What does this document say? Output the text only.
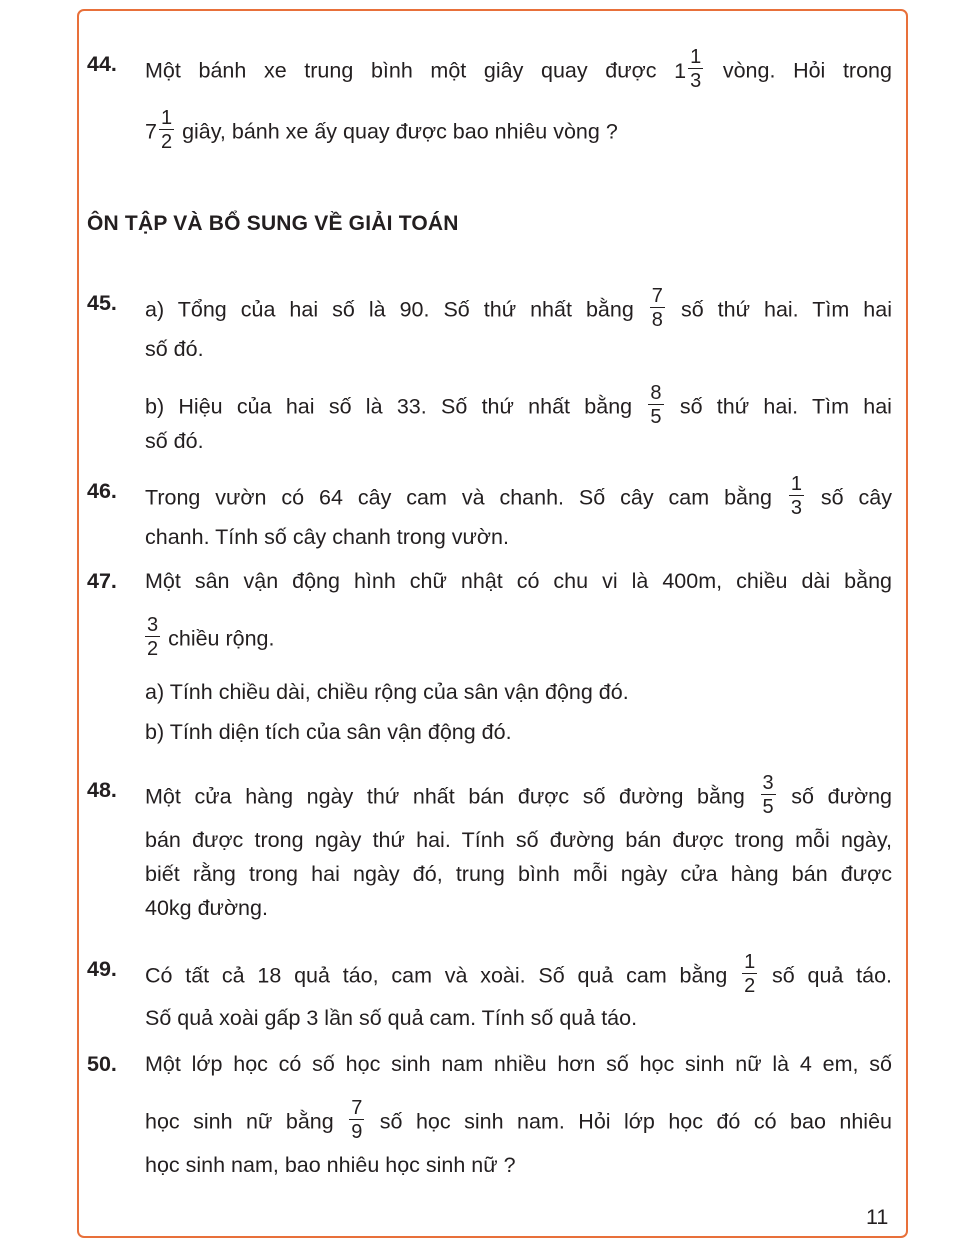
44. Một bánh xe trung bình một giây quay được $1 \frac{1}{3}$ vòng. Hỏi trong
$7 \frac{1}{2}$ giây, bánh xe ấy quay được bao nhiêu vòng ?
ÔN TẬP VÀ BỔ SUNG VỀ GIẢI TOÁN
45. a) Tổng của hai số là 90. Số thứ nhất bằng $\frac{7}{8}$ số thứ hai. Tìm hai
số đó.
b) Hiệu của hai số là 33. Số thứ nhất bằng $\frac{8}{5}$ số thứ hai. Tìm hai
số đó.
46. Trong vườn có 64 cây cam và chanh. Số cây cam bằng $\frac{1}{3}$ số cây
chanh. Tính số cây chanh trong vườn.
47. Một sân vận động hình chữ nhật có chu vi là 400m, chiều dài bằng
$\frac{3}{2}$ chiều rộng.
a) Tính chiều dài, chiều rộng của sân vận động đó.
b) Tính diện tích của sân vận động đó.
48. Một cửa hàng ngày thứ nhất bán được số đường bằng $\frac{3}{5}$ số đường
bán được trong ngày thứ hai. Tính số đường bán được trong mỗi ngày,
biết rằng trong hai ngày đó, trung bình mỗi ngày cửa hàng bán được
40kg đường.
49. Có tất cả 18 quả táo, cam và xoài. Số quả cam bằng $\frac{1}{2}$ số quả táo.
Số quả xoài gấp 3 lần số quả cam. Tính số quả táo.
50. Một lớp học có số học sinh nam nhiều hơn số học sinh nữ là 4 em, số
học sinh nữ bằng $\frac{7}{9}$ số học sinh nam. Hỏi lớp học đó có bao nhiêu
học sinh nam, bao nhiêu học sinh nữ ?
11
